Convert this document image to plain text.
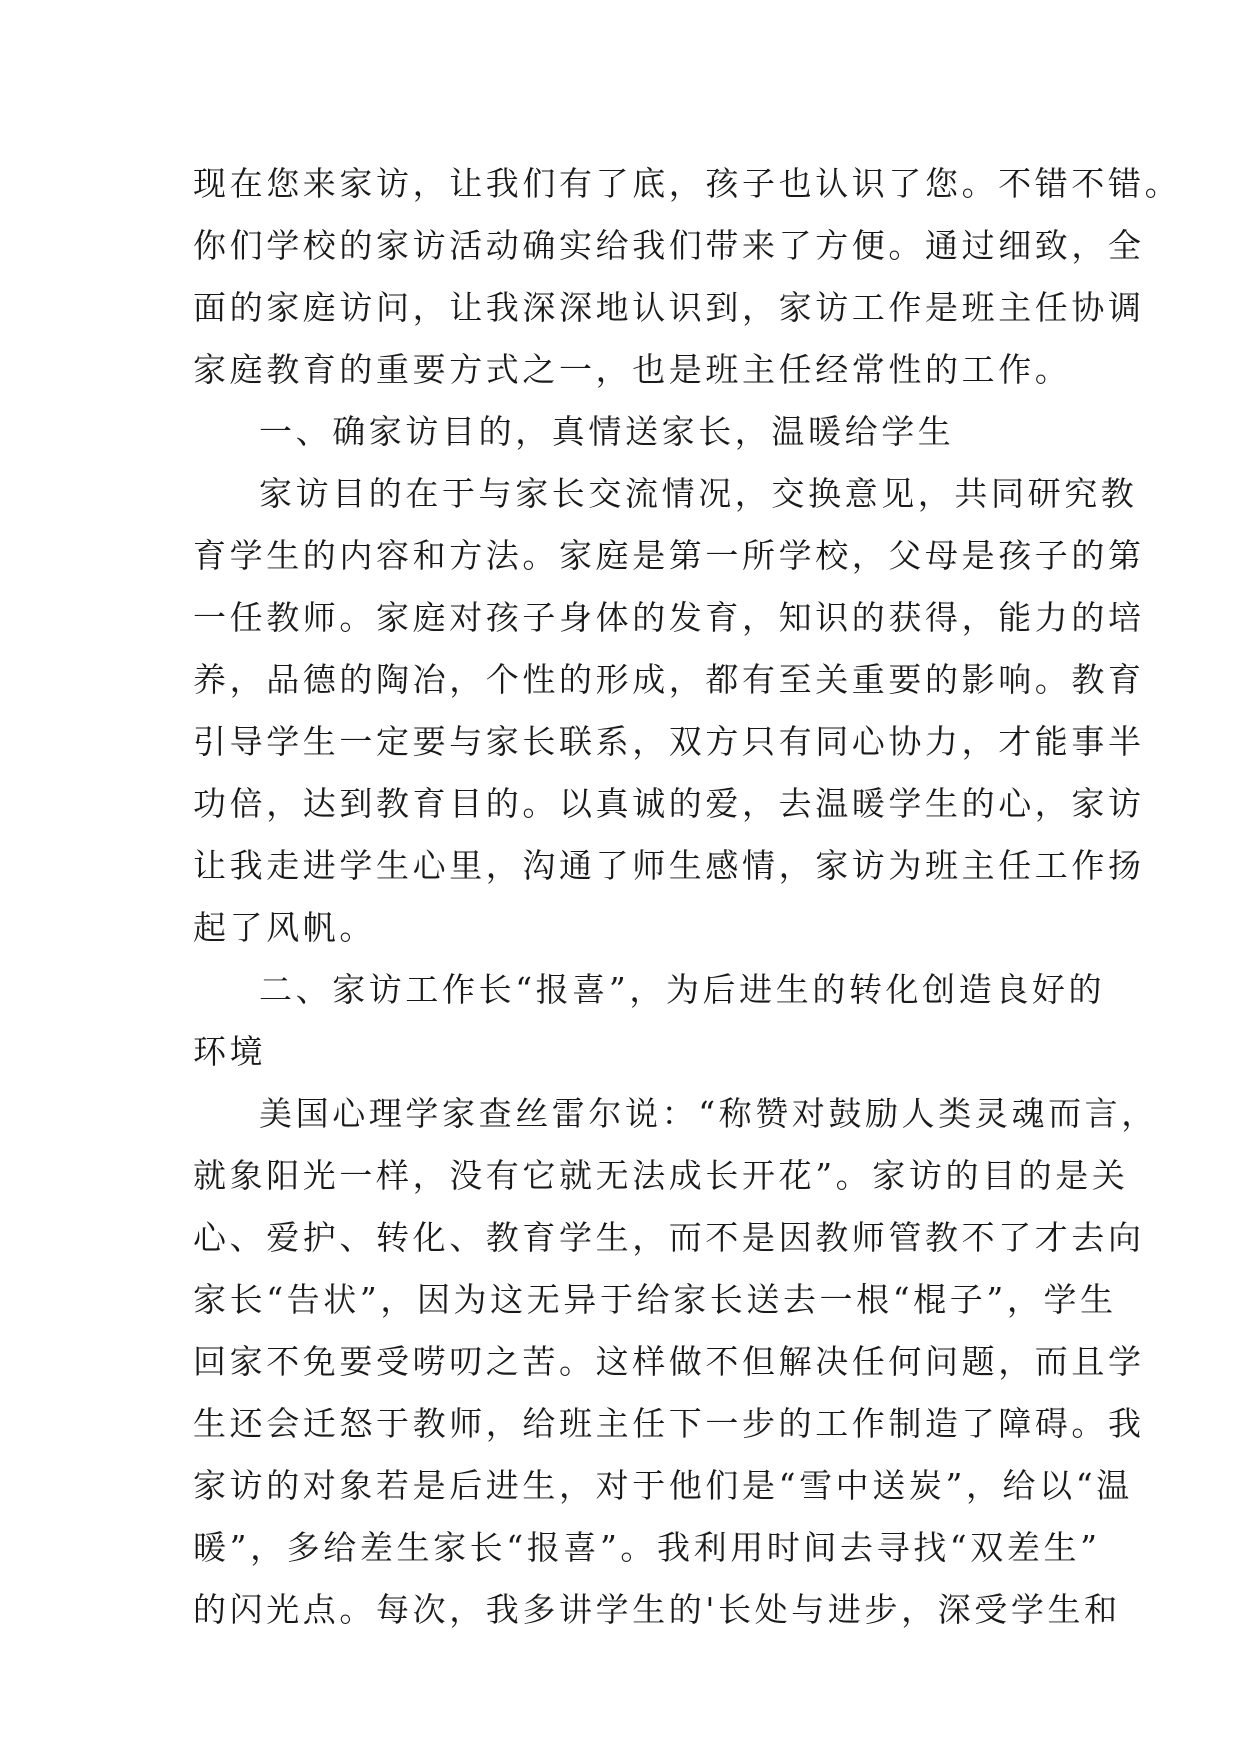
现在您来家访，让我们有了底，孩子也认识了您。不错不错。
你们学校的家访活动确实给我们带来了方便。通过细致，全
面的家庭访问，让我深深地认识到，家访工作是班主任协调
家庭教育的重要方式之一，也是班主任经常性的工作。
一、确家访目的，真情送家长，温暖给学生
家访目的在于与家长交流情况，交换意见，共同研究教
育学生的内容和方法。家庭是第一所学校，父母是孩子的第
一任教师。家庭对孩子身体的发育，知识的获得，能力的培
养，品德的陶冶，个性的形成，都有至关重要的影响。教育
引导学生一定要与家长联系，双方只有同心协力，才能事半
功倍，达到教育目的。以真诚的爱，去温暖学生的心，家访
让我走进学生心里，沟通了师生感情，家访为班主任工作扬
起了风帆。
二、家访工作长“报喜”，为后进生的转化创造良好的
环境
美国心理学家查丝雷尔说：“称赞对鼓励人类灵魂而言，
就象阳光一样，没有它就无法成长开花”。家访的目的是关
心、爱护、转化、教育学生，而不是因教师管教不了才去向
家长“告状”，因为这无异于给家长送去一根“棍子”，学生
回家不免要受唠叨之苦。这样做不但解决任何问题，而且学
生还会迁怒于教师，给班主任下一步的工作制造了障碍。我
家访的对象若是后进生，对于他们是“雪中送炭”，给以“温
暖”，多给差生家长“报喜”。我利用时间去寻找“双差生”
的闪光点。每次，我多讲学生的'长处与进步，深受学生和
